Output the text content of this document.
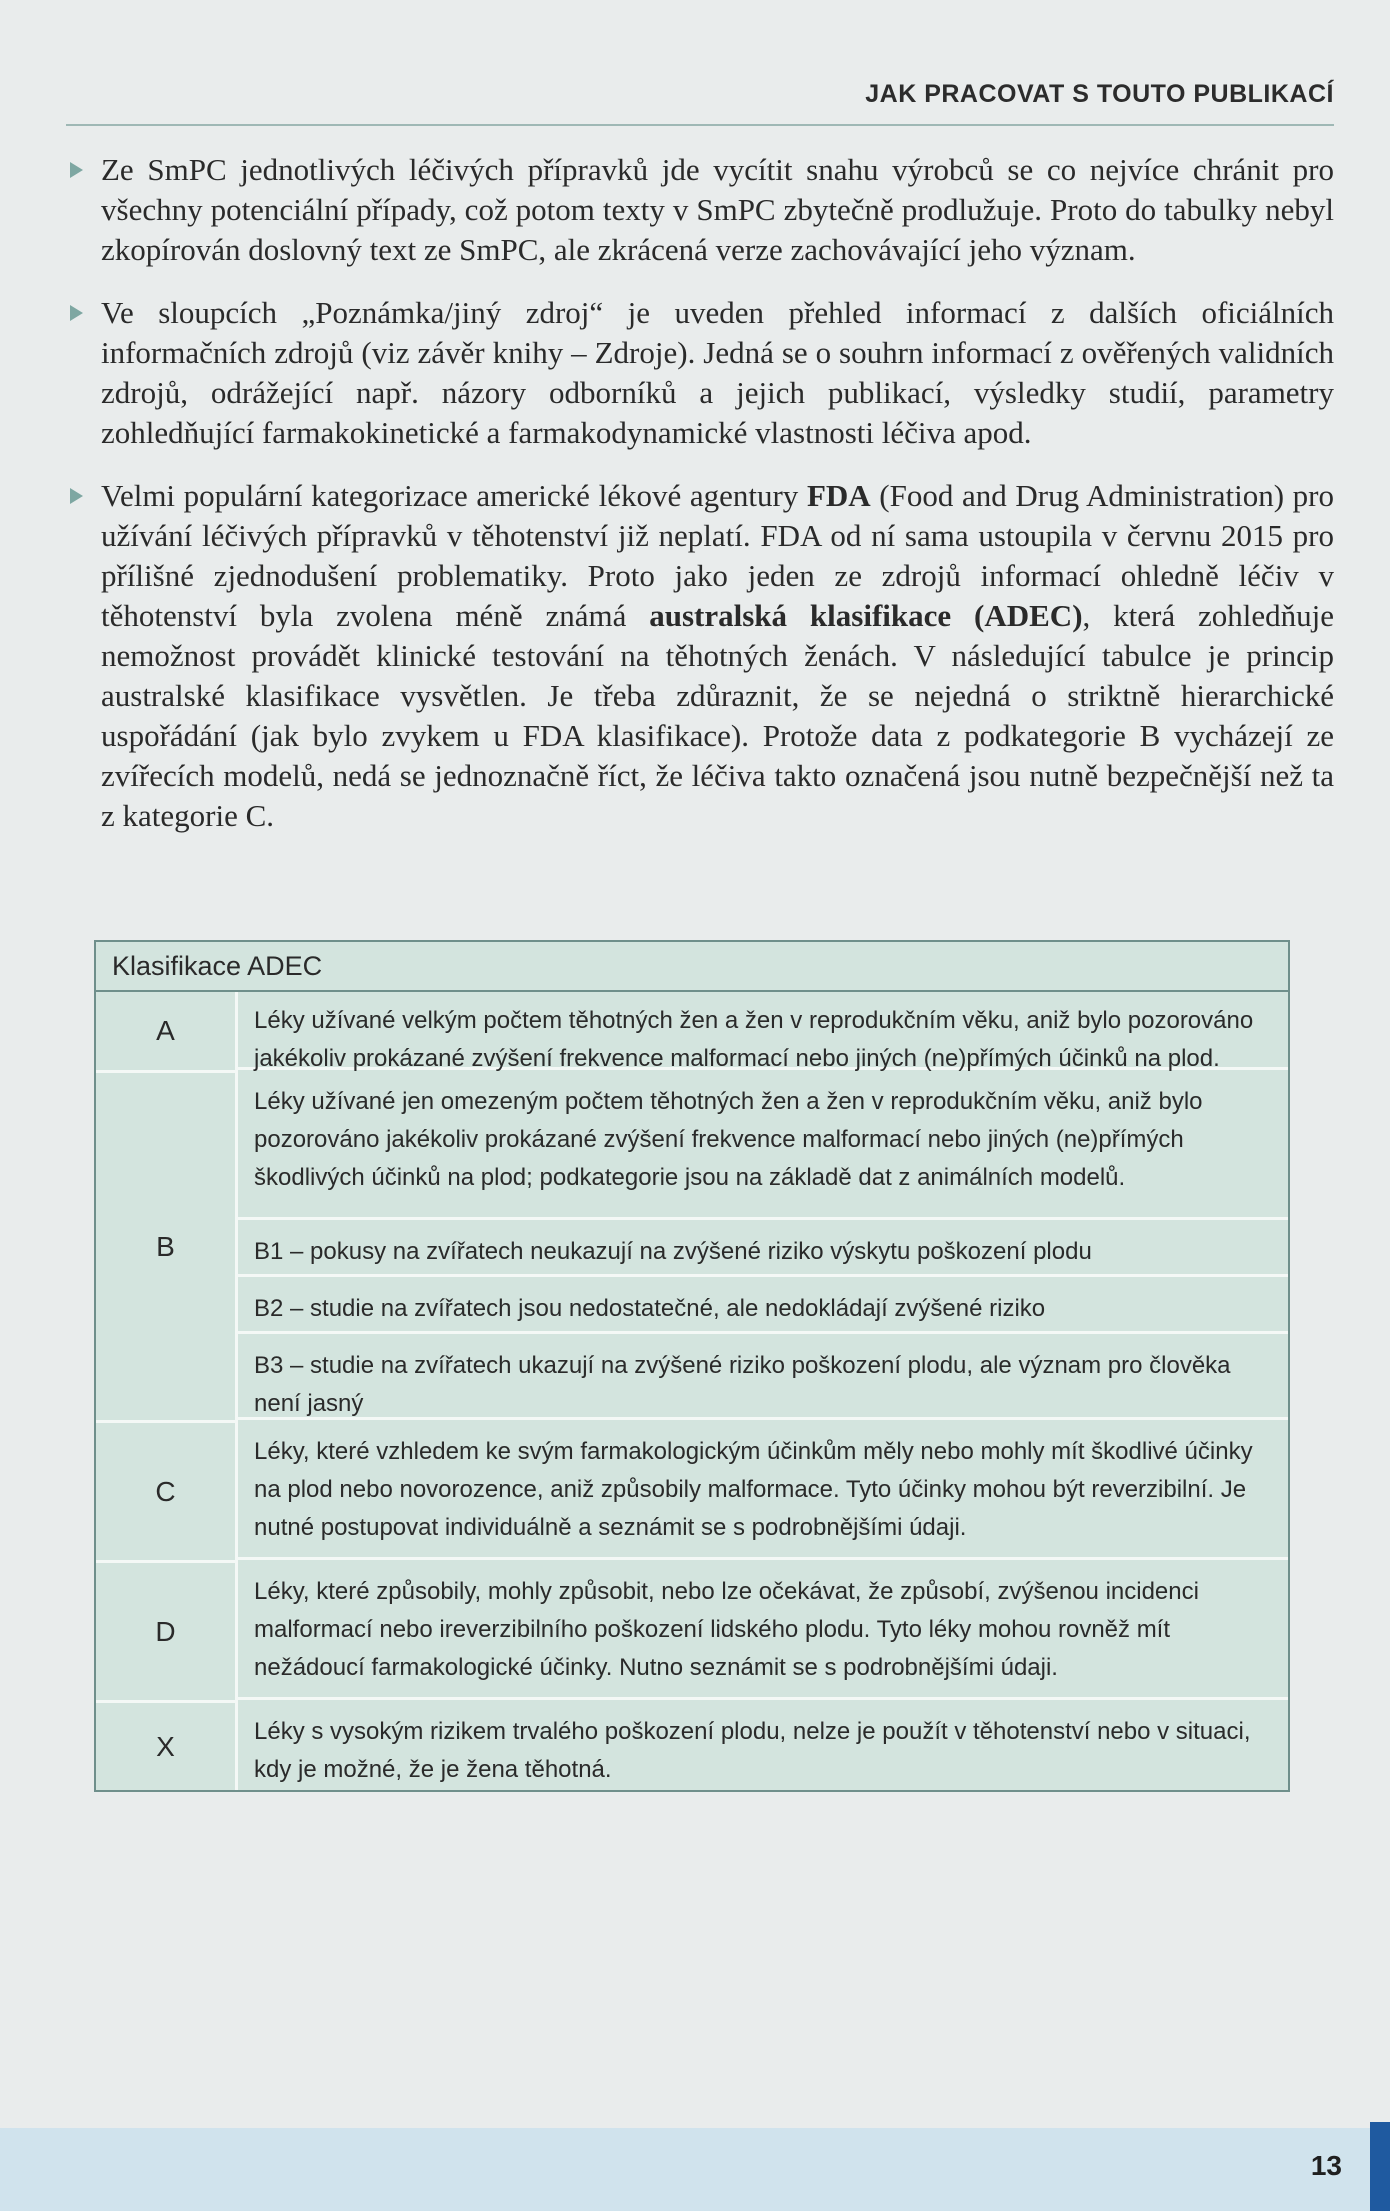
JAK PRACOVAT S TOUTO PUBLIKACÍ
Ze SmPC jednotlivých léčivých přípravků jde vycítit snahu výrobců se co nejvíce chránit pro všechny potenciální případy, což potom texty v SmPC zbytečně prodlužuje. Proto do tabulky nebyl zkopírován doslovný text ze SmPC, ale zkrácená verze zachovávající jeho význam.
Ve sloupcích „Poznámka/jiný zdroj“ je uveden přehled informací z dalších oficiálních informačních zdrojů (viz závěr knihy – Zdroje). Jedná se o souhrn informací z ověřených validních zdrojů, odrážející např. názory odborníků a jejich publikací, výsledky studií, parametry zohledňující farmakokinetické a farmakodynamické vlastnosti léčiva apod.
Velmi populární kategorizace americké lékové agentury FDA (Food and Drug Administration) pro užívání léčivých přípravků v těhotenství již neplatí. FDA od ní sama ustoupila v červnu 2015 pro přílišné zjednodušení problematiky. Proto jako jeden ze zdrojů informací ohledně léčiv v těhotenství byla zvolena méně známá australská klasifikace (ADEC), která zohledňuje nemožnost provádět klinické testování na těhotných ženách. V následující tabulce je princip australské klasifikace vysvětlen. Je třeba zdůraznit, že se nejedná o striktně hierarchické uspořádání (jak bylo zvykem u FDA klasifikace). Protože data z podkategorie B vycházejí ze zvířecích modelů, nedá se jednoznačně říct, že léčiva takto označená jsou nutně bezpečnější než ta z kategorie C.
Klasifikace ADEC
A
B
C
D
X
Léky užívané velkým počtem těhotných žen a žen v reprodukčním věku, aniž bylo pozorováno jakékoliv prokázané zvýšení frekvence malformací nebo jiných (ne)přímých účinků na plod.
Léky užívané jen omezeným počtem těhotných žen a žen v reprodukčním věku, aniž bylo pozorováno jakékoliv prokázané zvýšení frekvence malformací nebo jiných (ne)přímých škodlivých účinků na plod; podkategorie jsou na základě dat z animálních modelů.
B1 – pokusy na zvířatech neukazují na zvýšené riziko výskytu poškození plodu
B2 – studie na zvířatech jsou nedostatečné, ale nedokládají zvýšené riziko
B3 – studie na zvířatech ukazují na zvýšené riziko poškození plodu, ale význam pro člověka není jasný
Léky, které vzhledem ke svým farmakologickým účinkům měly nebo mohly mít škodlivé účinky na plod nebo novorozence, aniž způsobily malformace. Tyto účinky mohou být reverzibilní. Je nutné postupovat individuálně a seznámit se s podrobnějšími údaji.
Léky, které způsobily, mohly způsobit, nebo lze očekávat, že způsobí, zvýšenou incidenci malformací nebo ireverzibilního poškození lidského plodu. Tyto léky mohou rovněž mít nežádoucí farmakologické účinky. Nutno seznámit se s podrobnějšími údaji.
Léky s vysokým rizikem trvalého poškození plodu, nelze je použít v těhotenství nebo v situaci, kdy je možné, že je žena těhotná.
13
